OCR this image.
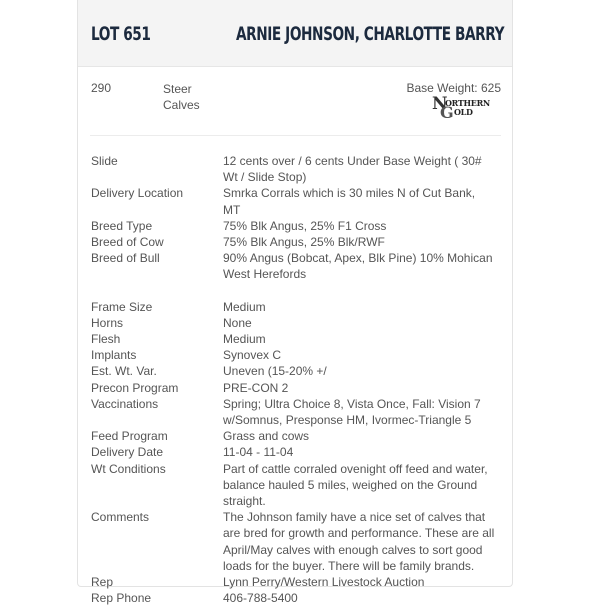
LOT 651	ARNIE JOHNSON, CHARLOTTE BARRY
290	Steer Calves
Base Weight: 625
N
ORTHERN
G OLD
Slide	12 cents over / 6 cents Under Base Weight ( 30# Wt / Slide Stop)
Delivery Location	Smrka Corrals which is 30 miles N of Cut Bank, MT
Breed Type	75% Blk Angus, 25% F1 Cross
Breed of Cow	75% Blk Angus, 25% Blk/RWF
Breed of Bull	90% Angus (Bobcat, Apex, Blk Pine) 10% Mohican West Herefords
Frame Size	Medium
Horns	None
Flesh	Medium
Implants	Synovex C
Est. Wt. Var.	Uneven (15-20% +/
Precon Program	PRE-CON 2
Vaccinations	Spring; Ultra Choice 8, Vista Once, Fall: Vision 7 w/Somnus, Presponse HM, Ivormec-Triangle 5
Feed Program	Grass and cows
Delivery Date	11-04 - 11-04
Wt Conditions	Part of cattle corraled ovenight off feed and water, balance hauled 5 miles, weighed on the Ground straight.
Comments	The Johnson family have a nice set of calves that are bred for growth and performance. These are all April/May calves with enough calves to sort good loads for the buyer. There will be family brands.
Rep	Lynn Perry/Western Livestock Auction
Rep Phone	406-788-5400
